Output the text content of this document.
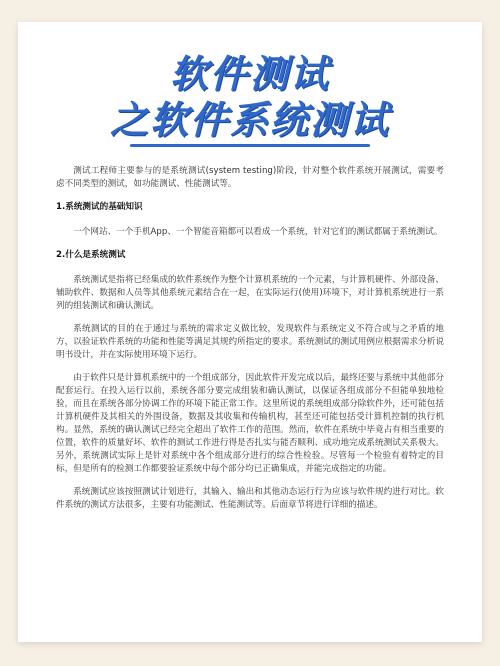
软件测试
之软件系统测试

测试工程师主要参与的是系统测试(system testing)阶段，针对整个软件系统开展测试，需要考虑不同类型的测试，如功能测试、性能测试等。

1.系统测试的基础知识

一个网站、一个手机App、一个智能音箱都可以看成一个系统，针对它们的测试都属于系统测试。

2.什么是系统测试

系统测试是指将已经集成的软件系统作为整个计算机系统的一个元素，与计算机硬件、外部设备、辅助软件、数据和人员等其他系统元素结合在一起，在实际运行(使用)环境下，对计算机系统进行一系列的组装测试和确认测试。

系统测试的目的在于通过与系统的需求定义做比较，发现软件与系统定义不符合或与之矛盾的地方，以验证软件系统的功能和性能等满足其规约所指定的要求。系统测试的测试用例应根据需求分析说明书设计，并在实际使用环境下运行。

由于软件只是计算机系统中的一个组成部分，因此软件开发完成以后，最终还要与系统中其他部分配套运行。在投入运行以前，系统各部分要完成组装和确认测试，以保证各组成部分不但能单独地检验，而且在系统各部分协调工作的环境下能正常工作。这里所说的系统组成部分除软件外，还可能包括计算机硬件及其相关的外围设备，数据及其收集和传输机构，甚至还可能包括受计算机控制的执行机构。显然，系统的确认测试已经完全超出了软件工作的范围。然而，软件在系统中毕竟占有相当重要的位置，软件的质量好坏、软件的测试工作进行得是否扎实与能否顺利、成功地完成系统测试关系极大。另外，系统测试实际上是针对系统中各个组成部分进行的综合性检验。尽管每一个检验有着特定的目标，但是所有的检测工作都要验证系统中每个部分均已正确集成，并能完成指定的功能。

系统测试应该按照测试计划进行，其输入、输出和其他动态运行行为应该与软件规约进行对比。软件系统的测试方法很多，主要有功能测试、性能测试等。后面章节将进行详细的描述。
